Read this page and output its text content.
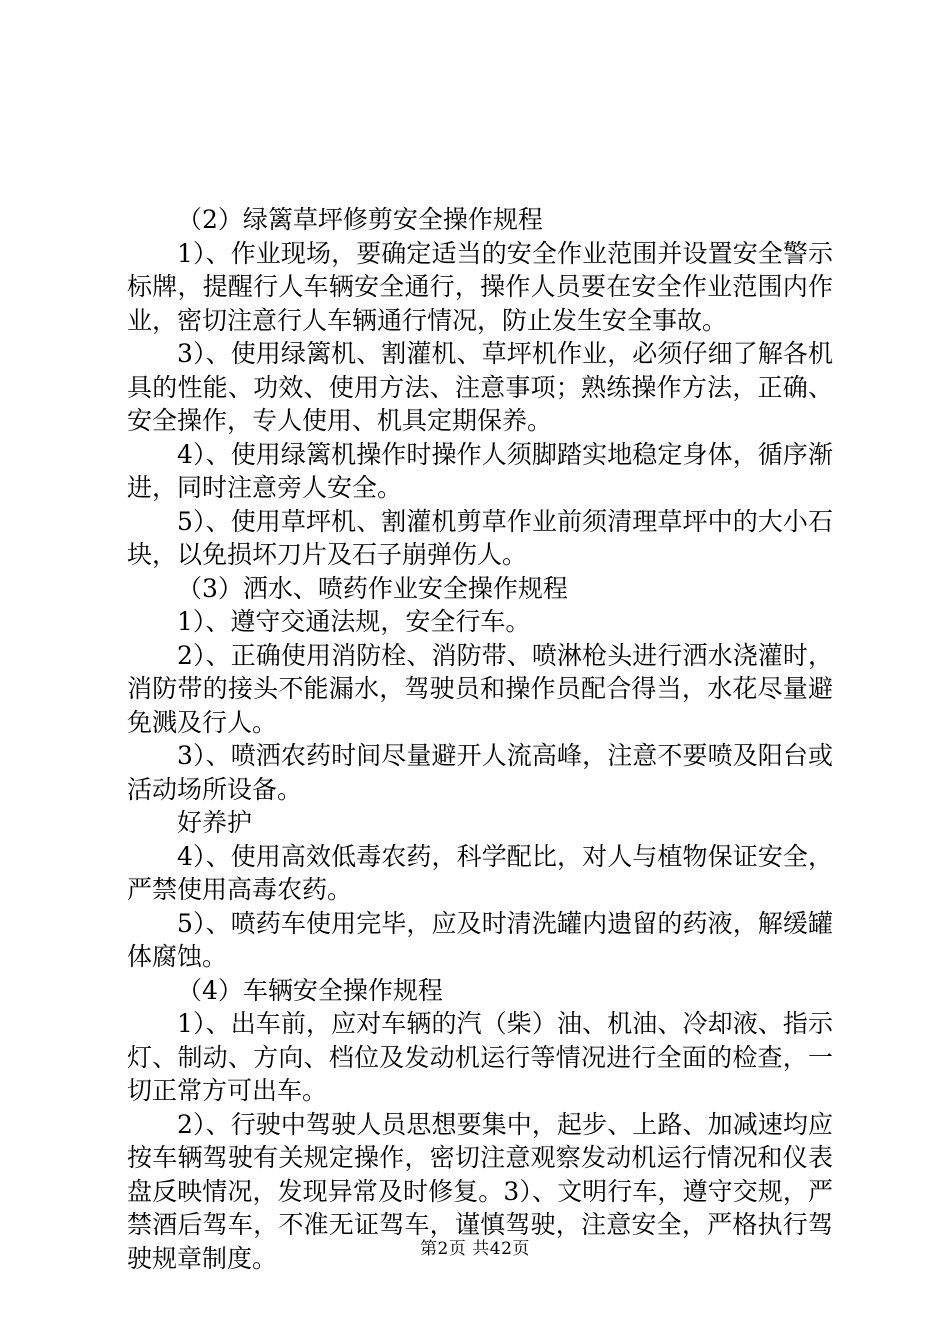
（2）绿篱草坪修剪安全操作规程

1）、作业现场，要确定适当的安全作业范围并设置安全警示标牌，提醒行人车辆安全通行，操作人员要在安全作业范围内作业，密切注意行人车辆通行情况，防止发生安全事故。

3）、使用绿篱机、割灌机、草坪机作业，必须仔细了解各机具的性能、功效、使用方法、注意事项；熟练操作方法，正确、安全操作，专人使用、机具定期保养。

4）、使用绿篱机操作时操作人须脚踏实地稳定身体，循序渐进，同时注意旁人安全。

5）、使用草坪机、割灌机剪草作业前须清理草坪中的大小石块，以免损坏刀片及石子崩弹伤人。

（3）洒水、喷药作业安全操作规程

1）、遵守交通法规，安全行车。

2）、正确使用消防栓、消防带、喷淋枪头进行洒水浇灌时，消防带的接头不能漏水，驾驶员和操作员配合得当，水花尽量避免溅及行人。

3）、喷洒农药时间尽量避开人流高峰，注意不要喷及阳台或活动场所设备。

好养护

4）、使用高效低毒农药，科学配比，对人与植物保证安全，严禁使用高毒农药。

5）、喷药车使用完毕，应及时清洗罐内遗留的药液，解缓罐体腐蚀。

（4）车辆安全操作规程

1）、出车前，应对车辆的汽（柴）油、机油、冷却液、指示灯、制动、方向、档位及发动机运行等情况进行全面的检查，一切正常方可出车。

2）、行驶中驾驶人员思想要集中，起步、上路、加减速均应按车辆驾驶有关规定操作，密切注意观察发动机运行情况和仪表盘反映情况，发现异常及时修复。3）、文明行车，遵守交规，严禁酒后驾车，不准无证驾车，谨慎驾驶，注意安全，严格执行驾驶规章制度。	第2页 共42页
